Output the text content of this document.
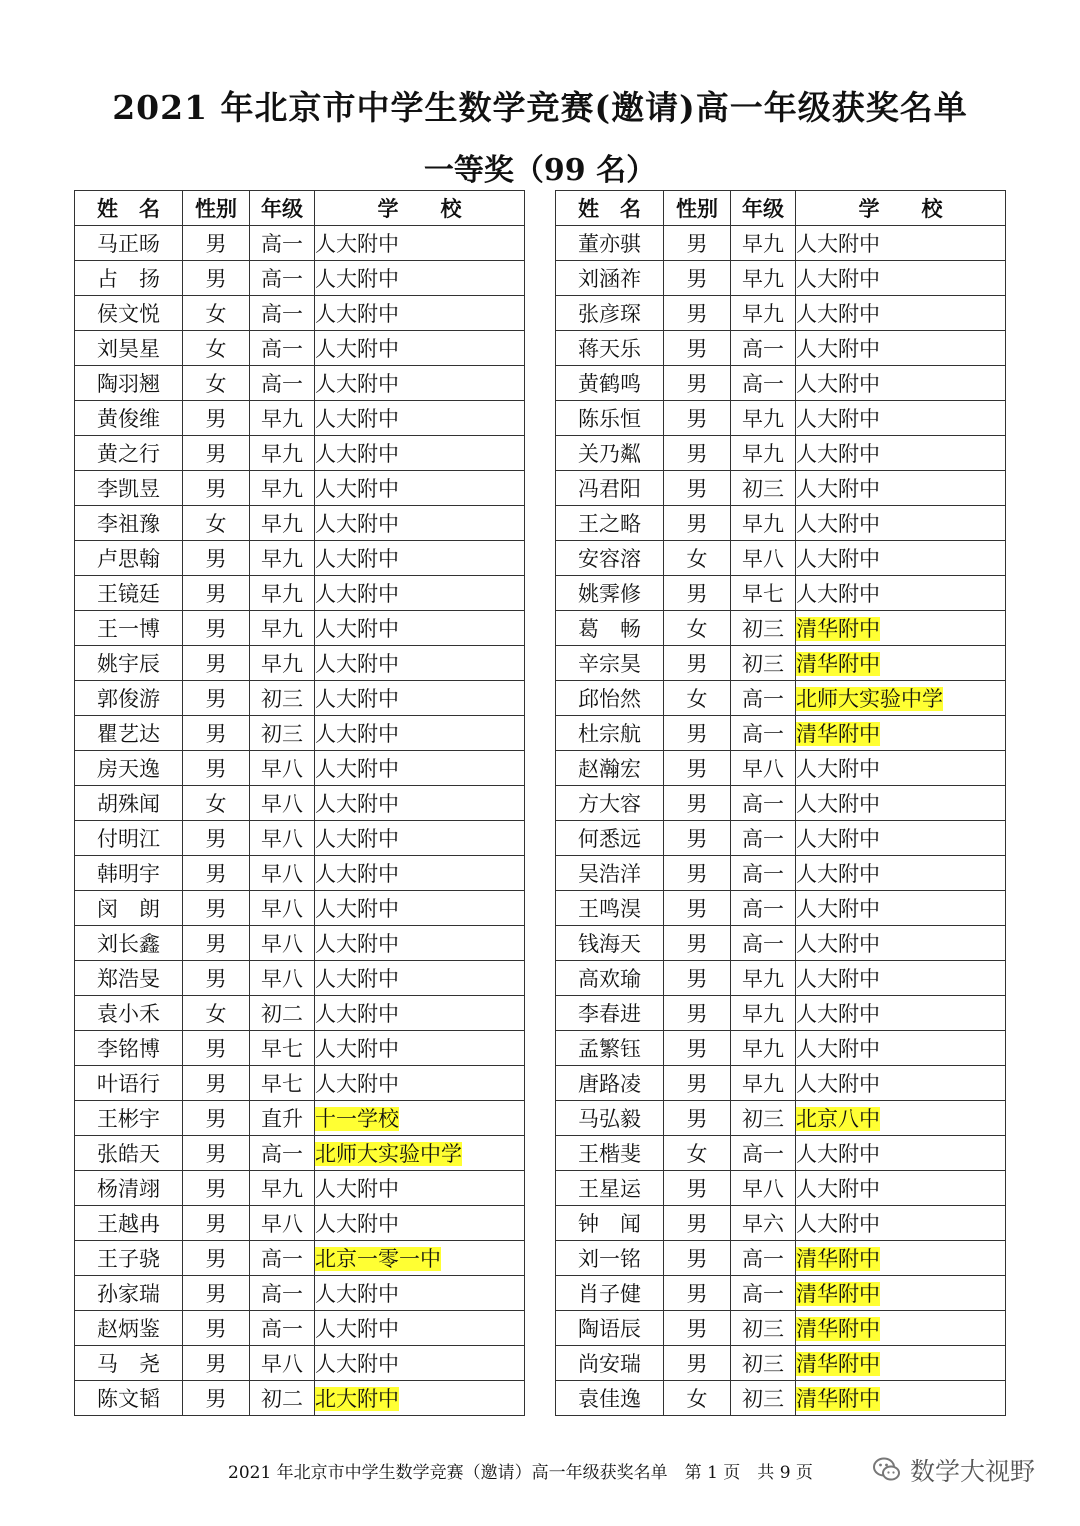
2021 年北京市中学生数学竞赛(邀请)高一年级获奖名单
一等奖（99 名）
姓　名	性别	年级	学　　校
马正旸	男	高一	人大附中
占　扬	男	高一	人大附中
侯文悦	女	高一	人大附中
刘昊星	女	高一	人大附中
陶羽翘	女	高一	人大附中
黄俊维	男	早九	人大附中
黄之行	男	早九	人大附中
李凯昱	男	早九	人大附中
李祖豫	女	早九	人大附中
卢思翰	男	早九	人大附中
王镜廷	男	早九	人大附中
王一博	男	早九	人大附中
姚宇辰	男	早九	人大附中
郭俊游	男	初三	人大附中
瞿艺达	男	初三	人大附中
房天逸	男	早八	人大附中
胡殊闻	女	早八	人大附中
付明江	男	早八	人大附中
韩明宇	男	早八	人大附中
闵　朗	男	早八	人大附中
刘长鑫	男	早八	人大附中
郑浩旻	男	早八	人大附中
袁小禾	女	初二	人大附中
李铭博	男	早七	人大附中
叶语行	男	早七	人大附中
王彬宇	男	直升	十一学校
张皓天	男	高一	北师大实验中学
杨清翊	男	早九	人大附中
王越冉	男	早八	人大附中
王子骁	男	高一	北京一零一中
孙家瑞	男	高一	人大附中
赵炳鉴	男	高一	人大附中
马　尧	男	早八	人大附中
陈文韬	男	初二	北大附中
姓　名	性别	年级	学　　校
董亦骐	男	早九	人大附中
刘涵祚	男	早九	人大附中
张彦琛	男	早九	人大附中
蒋天乐	男	高一	人大附中
黄鹤鸣	男	高一	人大附中
陈乐恒	男	早九	人大附中
关乃粼	男	早九	人大附中
冯君阳	男	初三	人大附中
王之略	男	早九	人大附中
安容溶	女	早八	人大附中
姚霁修	男	早七	人大附中
葛　畅	女	初三	清华附中
辛宗昊	男	初三	清华附中
邱怡然	女	高一	北师大实验中学
杜宗航	男	高一	清华附中
赵瀚宏	男	早八	人大附中
方大容	男	高一	人大附中
何悉远	男	高一	人大附中
吴浩洋	男	高一	人大附中
王鸣淏	男	高一	人大附中
钱海天	男	高一	人大附中
高欢瑜	男	早九	人大附中
李春进	男	早九	人大附中
孟繁钰	男	早九	人大附中
唐路凌	男	早九	人大附中
马弘毅	男	初三	北京八中
王楷斐	女	高一	人大附中
王星运	男	早八	人大附中
钟　闻	男	早六	人大附中
刘一铭	男	高一	清华附中
肖子健	男	高一	清华附中
陶语辰	男	初三	清华附中
尚安瑞	男	初三	清华附中
袁佳逸	女	初三	清华附中
2021 年北京市中学生数学竞赛（邀请）高一年级获奖名单　第 1 页　共 9 页	数学大视野
